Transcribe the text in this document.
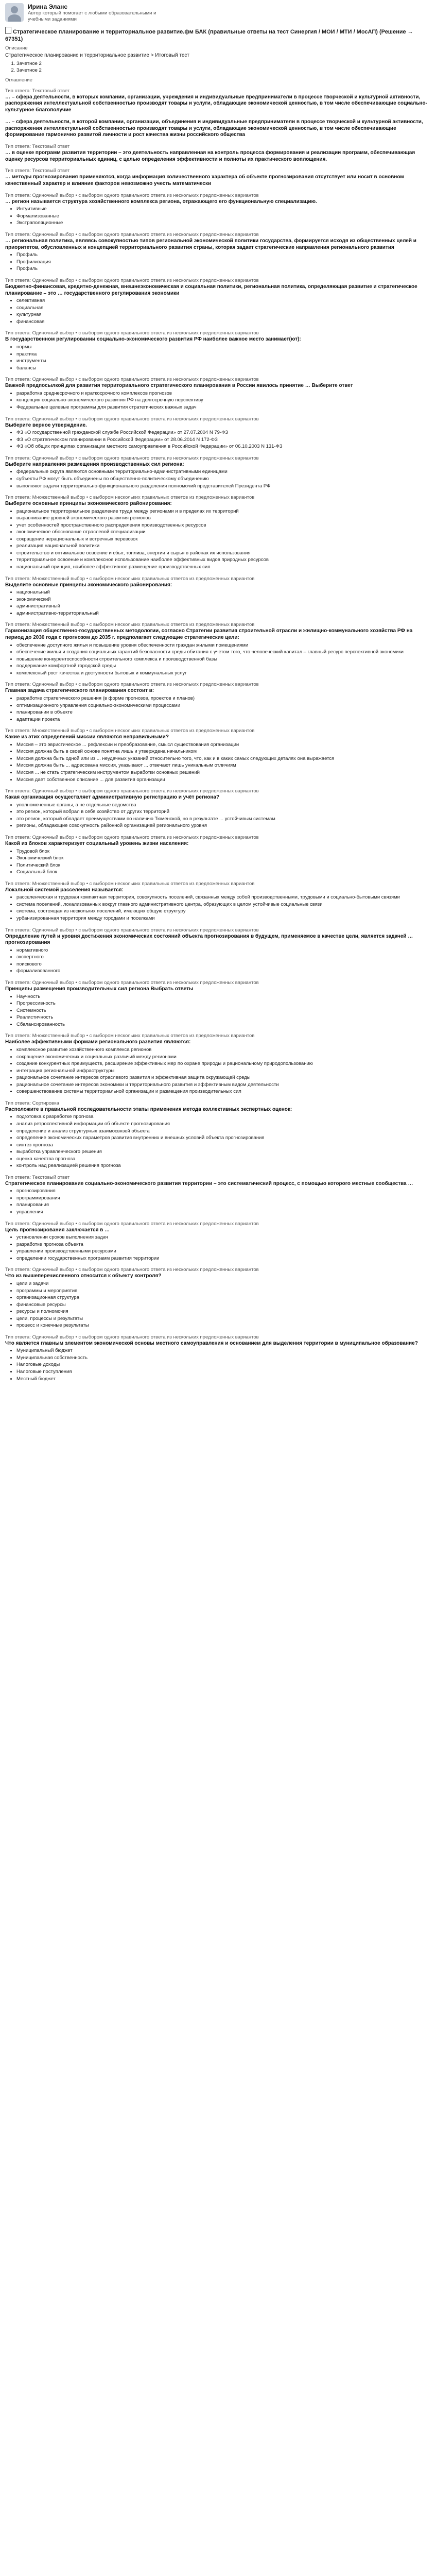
Ирина Эланс
Автор который помогает с любыми образовательными и учебными заданиями
Стратегическое планирование и территориальное развитие.фм БАК (правильные ответы на тест Синергия / МОИ / МТИ / МосАП) (Решение → 67351)
Описание
Стратегическое планирование и территориальное развитие > Итоговый тест
1. Зачетное 2
2. Зачетное 2
Оглавление
Тип ответа: Текстовый ответ
… – сфера деятельности, в которых компании, организации, учреждения и индивидуальные предприниматели в процессе творческой и культурной активности, распоряжения интеллектуальной собственностью производят товары и услуги, обладающие экономической ценностью, в том числе обеспечивающие социально-культурное благополучие
… – сфера деятельности, в которой компании, организации, объединения и индивидуальные предприниматели в процессе творческой и культурной активности, распоряжения интеллектуальной собственностью производят товары и услуги, обладающие экономической ценностью, в том числе обеспечивающие формирование гармонично развитой личности и рост качества жизни российского общества
Тип ответа: Текстовый ответ
… в оценке программ развития территории – это деятельность направленная на контроль процесса формирования и реализации программ, обеспечивающая оценку ресурсов территориальных единиц, с целью определения эффективности и полноты их практического воплощения.
Тип ответа: Текстовый ответ
… методы прогнозирования применяются, когда информация количественного характера об объекте прогнозирования отсутствует или носит в основном качественный характер и влияние факторов невозможно учесть математически
Тип ответа: Одиночный выбор • с выбором одного правильного ответа из нескольких предложенных вариантов
… регион называется структура хозяйственного комплекса региона, отражающего его функциональную специализацию.
• Интуитивные
• Формализованные
• Экстраполяционные
Тип ответа: Одиночный выбор • с выбором одного правильного ответа из нескольких предложенных вариантов
… региональная политика, являясь совокупностью типов региональной экономической политики государства, формируется исходя из общественных целей и приоритетов, обусловленных и концепцией территориального развития страны, которая задает стратегические направления регионального развития
• Профиль
• Профилизация
• Профиль
Тип ответа: Одиночный выбор • с выбором одного правильного ответа из нескольких предложенных вариантов
Бюджетно-финансовая, кредитно-денежная, внешнеэкономическая и социальная политики, региональная политика, определяющая развитие и стратегическое планирование – это … государственного регулирования экономики
• селективная
• социальная
• культурная
• финансовая
Тип ответа: Одиночный выбор • с выбором одного правильного ответа из нескольких предложенных вариантов
В государственном регулировании социально-экономического развития РФ наиболее важное место занимает(ют):
• нормы
• практика
• инструменты
• балансы
Тип ответа: Одиночный выбор • с выбором одного правильного ответа из нескольких предложенных вариантов
Важной предпосылкой для развития территориального стратегического планирования в России явилось принятие … Выберите ответ
• разработка среднесрочного и краткосрочного комплексов прогнозов
• концепция социально-экономического развития РФ на долгосрочную перспективу
• Федеральные целевые программы для развития стратегических важных задач
Тип ответа: Одиночный выбор • с выбором одного правильного ответа из нескольких предложенных вариантов
Выберите верное утверждение.
• ФЗ «О государственной гражданской службе Российской Федерации» от 27.07.2004 N 79-ФЗ
• ФЗ «О стратегическом планировании в Российской Федерации» от 28.06.2014 N 172-ФЗ
• ФЗ «Об общих принципах организации местного самоуправления в Российской Федерации» от 06.10.2003 N 131-ФЗ
Тип ответа: Одиночный выбор • с выбором одного правильного ответа из нескольких предложенных вариантов
Выберите направления размещения производственных сил региона:
• федеральные округа являются основными территориально-административными единицами
• субъекты РФ могут быть объединены по общественно-политическому объединению
• выполняют задачи территориально-функционального разделения полномочий представителей Президента РФ
Тип ответа: Множественный выбор • с выбором нескольких правильных ответов из предложенных вариантов
Выберите основные принципы экономического районирования:
• рациональное территориальное разделение труда между регионами и в пределах их территорий
• выравнивание уровней экономического развития регионов
• учет особенностей пространственного распределения производственных ресурсов
• экономическое обоснование отраслевой специализации
• сокращение нерациональных и встречных перевозок
• реализация национальной политики
• строительство и оптимальное освоение и сбыт, топлива, энергии и сырья в районах их использования
• территориальное освоение и комплексное использование наиболее эффективных видов природных ресурсов
• национальный принцип, наиболее эффективное размещение производственных сил
Тип ответа: Множественный выбор • с выбором нескольких правильных ответов из предложенных вариантов
Выделите основные принципы экономического районирования:
• национальный
• экономический
• административный
• административно-территориальный
Тип ответа: Множественный выбор • с выбором нескольких правильных ответов из предложенных вариантов
Гармонизация общественно-государственных методологии, согласно Стратегии развития строительной отрасли и жилищно-коммунального хозяйства РФ на период до 2030 года с прогнозом до 2035 г. предполагает следующие стратегические цели:
• обеспечение доступного жилья и повышение уровня обеспеченности граждан жилыми помещениями
• обеспечение жилья и создания социальных гарантий безопасности среды обитания с учетом того, что человеческий капитал – главный ресурс перспективной экономики
• повышение конкурентоспособности строительного комплекса и производственной базы
• поддержание комфортной городской среды
• комплексный рост качества и доступности бытовых и коммунальных услуг
Тип ответа: Одиночный выбор • с выбором одного правильного ответа из нескольких предложенных вариантов
Главная задача стратегического планирования состоит в:
• разработке стратегического решения (в форме прогнозов, проектов и планов)
• оптимизационного управления социально-экономическими процессами
• планировании в объекте
• адаптации проекта
Тип ответа: Множественный выбор • с выбором нескольких правильных ответов из предложенных вариантов
Какие из этих определений миссии являются неправильными?
• Миссия – это эвристическое ... рефлексии и преобразование, смысл существования организации
• Миссия должна быть в своей основе понятна лишь и утверждена начальником
• Миссия должна быть одной или из ... неудачных указаний относительно того, что, как и в каких самых следующих деталях она выражается
• Миссия должна быть ... адресована миссия, указывают ... отвечают лишь уникальным отличиям
• Миссия ... не стать стратегическим инструментом выработки основных решений
• Миссия дает собственное описание ... для развития организации
Тип ответа: Одиночный выбор • с выбором одного правильного ответа из нескольких предложенных вариантов
Какая организация осуществляет административную регистрацию и учёт региона?
• уполномоченные органы, а не отдельные ведомства
• это регион, который вобрал в себя хозяйство от других территорий
• это регион, который обладает преимуществами по наличию Тюменской, но в результате ... устойчивым системам
• регионы, обладающие совокупность районной организацией регионального уровня
Тип ответа: Одиночный выбор • с выбором одного правильного ответа из нескольких предложенных вариантов
Какой из блоков характеризует социальный уровень жизни населения:
• Трудовой блок
• Экономический блок
• Политический блок
• Социальный блок
Тип ответа: Множественный выбор • с выбором нескольких правильных ответов из предложенных вариантов
Локальной системой расселения называется:
• расселенческая и трудовая компактная территория, совокупность поселений, связанных между собой производственными, трудовыми и социально-бытовыми связями
• система поселений, локализованных вокруг главного административного центра, образующих в целом устойчивые социальные связи
• система, состоящая из нескольких поселений, имеющих общую структуру
• урбанизированная территория между городами и поселками
Тип ответа: Одиночный выбор • с выбором одного правильного ответа из нескольких предложенных вариантов
Определение путей и уровня достижения экономических состояний объекта прогнозирования в будущем, применяемое в качестве цели, является задачей … прогнозирования
• нормативного
• экспертного
• поискового
• формализованного
Тип ответа: Одиночный выбор • с выбором одного правильного ответа из нескольких предложенных вариантов
Принципы размещения производительных сил региона Выбрать ответы
• Научность
• Прогрессивность
• Системность
• Реалистичность
• Сбалансированность
Тип ответа: Множественный выбор • с выбором нескольких правильных ответов из предложенных вариантов
Наиболее эффективными формами регионального развития являются:
• комплексное развитие хозяйственного комплекса регионов
• сокращение экономических и социальных различий между регионами
• создание конкурентных преимуществ, расширение эффективных мер по охране природы и рациональному природопользованию
• интеграция региональной инфраструктуры
• рациональное сочетание интересов отраслевого развития и эффективная защита окружающей среды
• рациональное сочетание интересов экономики и территориального развития и эффективным видом деятельности
• совершенствование системы территориальной организации и размещения производительных сил
Тип ответа: Сортировка
Расположите в правильной последовательности этапы применения метода коллективных экспертных оценок:
• подготовка к разработке прогноза
• анализ ретроспективной информации об объекте прогнозирования
• определение и анализ структурных взаимосвязей объекта
• определение экономических параметров развития внутренних и внешних условий объекта прогнозирования
• синтез прогноза
• выработка управленческого решения
• оценка качества прогноза
• контроль над реализацией решения прогноза
Тип ответа: Текстовый ответ
Стратегическое планирование социально-экономического развития территории – это систематический процесс, с помощью которого местные сообщества …
• прогнозирования
• программирования
• планирования
• управления
Тип ответа: Одиночный выбор • с выбором одного правильного ответа из нескольких предложенных вариантов
Цель прогнозирования заключается в …
• установлении сроков выполнения задач
• разработке прогноза объекта
• управлении производственными ресурсами
• определении государственных программ развития территории
Тип ответа: Одиночный выбор • с выбором одного правильного ответа из нескольких предложенных вариантов
Что из вышеперечисленного относится к объекту контроля?
• цели и задачи
• программы и мероприятия
• организационная структура
• финансовые ресурсы
• ресурсы и полномочия
• цели, процессы и результаты
• процесс и конечные результаты
Тип ответа: Одиночный выбор • с выбором одного правильного ответа из нескольких предложенных вариантов
Что является главным элементом экономической основы местного самоуправления и основанием для выделения территории в муниципальное образование?
• Муниципальный бюджет
• Муниципальная собственность
• Налоговые доходы
• Налоговые поступления
• Местный бюджет
